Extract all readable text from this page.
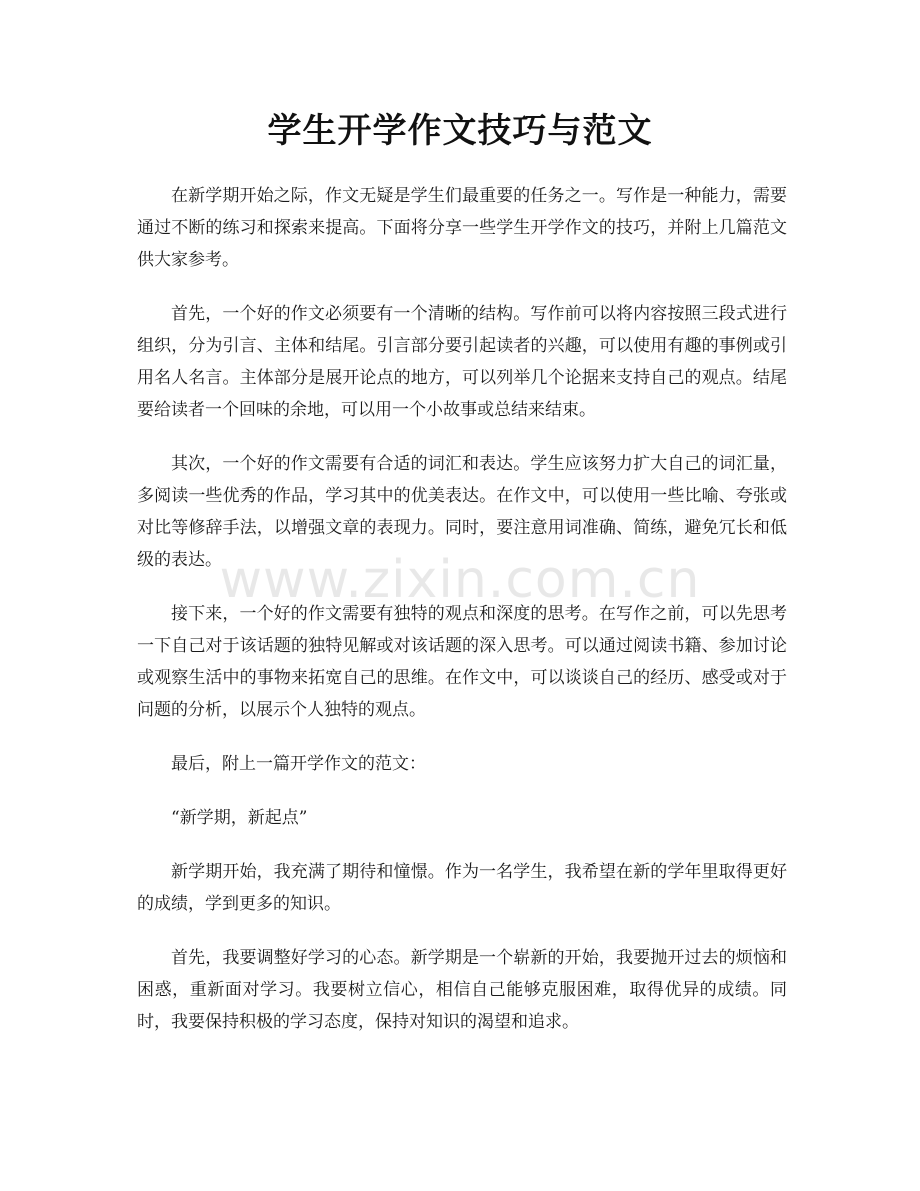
学生开学作文技巧与范文

在新学期开始之际，作文无疑是学生们最重要的任务之一。写作是一种能力，需要通过不断的练习和探索来提高。下面将分享一些学生开学作文的技巧，并附上几篇范文供大家参考。

首先，一个好的作文必须要有一个清晰的结构。写作前可以将内容按照三段式进行组织，分为引言、主体和结尾。引言部分要引起读者的兴趣，可以使用有趣的事例或引用名人名言。主体部分是展开论点的地方，可以列举几个论据来支持自己的观点。结尾要给读者一个回味的余地，可以用一个小故事或总结来结束。

其次，一个好的作文需要有合适的词汇和表达。学生应该努力扩大自己的词汇量，多阅读一些优秀的作品，学习其中的优美表达。在作文中，可以使用一些比喻、夸张或对比等修辞手法，以增强文章的表现力。同时，要注意用词准确、简练，避免冗长和低级的表达。

接下来，一个好的作文需要有独特的观点和深度的思考。在写作之前，可以先思考一下自己对于该话题的独特见解或对该话题的深入思考。可以通过阅读书籍、参加讨论或观察生活中的事物来拓宽自己的思维。在作文中，可以谈谈自己的经历、感受或对于问题的分析，以展示个人独特的观点。

最后，附上一篇开学作文的范文：

“新学期，新起点”

新学期开始，我充满了期待和憧憬。作为一名学生，我希望在新的学年里取得更好的成绩，学到更多的知识。

首先，我要调整好学习的心态。新学期是一个崭新的开始，我要抛开过去的烦恼和困惑，重新面对学习。我要树立信心，相信自己能够克服困难，取得优异的成绩。同时，我要保持积极的学习态度，保持对知识的渴望和追求。

www.zixin.com.cn
